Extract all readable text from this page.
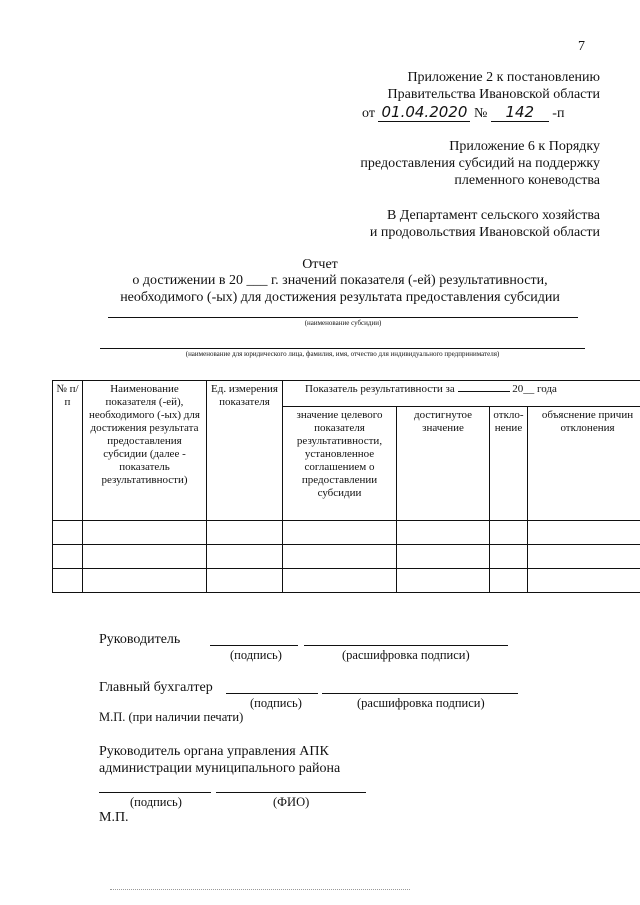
7
Приложение 2 к постановлению
Правительства Ивановской области
от 01.04.2020 № 142 -п
Приложение 6 к Порядку
предоставления субсидий на поддержку
племенного коневодства
В Департамент сельского хозяйства
и продовольствия Ивановской области
Отчет
о достижении в 20 ___ г. значений показателя (-ей) результативности,
необходимого (-ых) для достижения результата предоставления субсидии
(наименование субсидии)
(наименование для юридического лица, фамилия, имя, отчество для индивидуального предпринимателя)
№ п/п	Наименование показателя (-ей), необходимого (-ых) для достижения результата предоставления субсидии (далее - показатель результативности)	Ед. измерения показателя	Показатель результативности за 20__ года			
			значение целевого показателя результативности, установленное соглашением о предоставлении субсидии	достигнутое значение	откло- нение	объяснение причин отклонения

Руководитель
(подпись)	(расшифровка подписи)
Главный бухгалтер
(подпись)	(расшифровка подписи)
М.П. (при наличии печати)
Руководитель органа управления АПК
администрации муниципального района
(подпись)	(ФИО)
М.П.
